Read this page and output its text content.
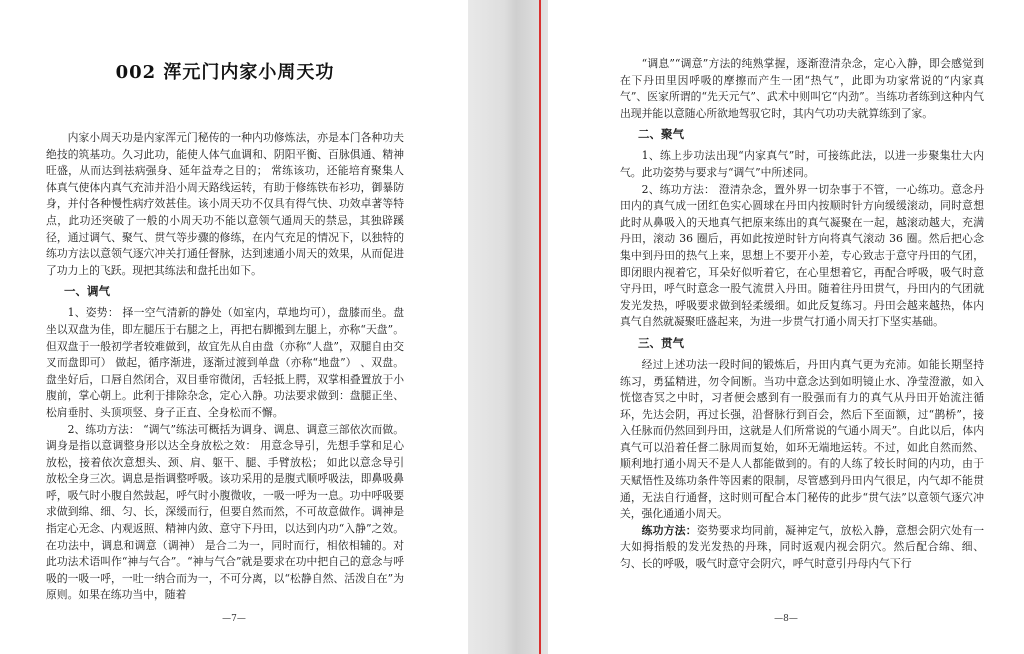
002 浑元门内家小周天功

内家小周天功是内家浑元门秘传的一种内功修炼法，亦是本门各种功夫绝技的筑基功。久习此功，能使人体气血调和、阴阳平衡、百脉俱通、精神旺盛，从而达到祛病强身、延年益寿之目的； 常练该功，还能培育聚集人体真气使体内真气充沛并沿小周天路线运转，有助于修练铁布衫功，御暴防身，并付各种慢性病疗效甚佳。该小周天功不仅具有得气快、功效卓著等特点，此功还突破了一般的小周天功不能以意领气通周天的禁忌，其独辟蹊径，通过调气、聚气、贯气等步骤的修练，在内气充足的情况下，以独特的练功方法以意领气逐穴冲关打通任督脉，达到速通小周天的效果，从而促进了功力上的飞跃。现把其练法和盘托出如下。

一、调气

1、姿势： 择一空气清新的静处（如室内，草地均可），盘膝而坐。盘坐以双盘为佳，即左腿压于右腿之上，再把右脚搬到左腿上，亦称“天盘”。但双盘于一般初学者较难做到，故宜先从自由盘（亦称“人盘”，双腿自由交叉而盘即可） 做起，循序渐进，逐渐过渡到单盘（亦称“地盘”） 、双盘。盘坐好后，口唇自然闭合，双目垂帘微闭，舌轻抵上腭，双掌相叠置放于小腹前，掌心朝上。此利于排除杂念，定心入静。功法要求做到：盘腿正坐、松肩垂肘、头顶项竖、身子正直、全身松而不懈。

2、练功方法： “调气”练法可概括为调身、调息、调意三部依次而做。调身是指以意调整身形以达全身放松之效： 用意念导引，先想手掌和足心放松，接着依次意想头、颈、肩、躯干、腿、手臂放松； 如此以意念导引放松全身三次。调息是指调整呼吸。该功采用的是腹式顺呼吸法，即鼻吸鼻呼，吸气时小腹自然鼓起，呼气时小腹微收，一吸一呼为一息。功中呼吸要求做到绵、细、匀、长，深缓而行，但要自然而然，不可故意做作。调神是指定心无念、内观返照、精神内敛、意守下丹田，以达到内功“入静”之效。在功法中，调息和调意（调神） 是合二为一，同时而行，相依相辅的。对此功法术语叫作“神与气合”。“神与气合”就是要求在功中把自己的意念与呼吸的一吸一呼，一吐一纳合而为一，不可分离，以“松静自然、活泼自在”为原则。如果在练功当中，随着

—7—

“调息”“调意”方法的纯熟掌握，逐渐澄清杂念，定心入静，即会感觉到在下丹田里因呼吸的摩擦而产生一团“热气”，此即为功家常说的“内家真气”、医家所谓的“先天元气”、武术中则叫它“内劲”。当练功者练到这种内气出现并能以意随心所欲地驾驭它时，其内气功功夫就算练到了家。

二、聚气

1、练上步功法出现“内家真气”时，可接练此法，以进一步聚集壮大内气。此功姿势与要求与“调气”中所述同。

2、练功方法： 澄清杂念，置外界一切杂事于不管，一心练功。意念丹田内的真气成一团红色实心圆球在丹田内按顺时针方向缓缓滚动，同时意想此时从鼻吸入的天地真气把原来练出的真气凝聚在一起，越滚动越大，充满丹田，滚动 36 圈后，再如此按逆时针方向将真气滚动 36 圈。然后把心念集中到丹田的热气上来，思想上不要开小差，专心致志于意守丹田的气团，即闭眼内视着它，耳朵好似听着它，在心里想着它，再配合呼吸，吸气时意守丹田，呼气时意念一股气流贯入丹田。随着往丹田贯气，丹田内的气团就发光发热，呼吸要求做到轻柔缓细。如此反复练习。丹田会越来越热，体内真气自然就凝聚旺盛起来，为进一步贯气打通小周天打下坚实基础。

三、贯气

经过上述功法一段时间的锻炼后，丹田内真气更为充沛。如能长期坚持练习，勇猛精进，勿令间断。当功中意念达到如明镜止水、净莹澄澈，如入恍惚杳冥之中时，习者便会感到有一股强而有力的真气从丹田开始流注循环，先达会阴，再过长强，沿督脉行到百会，然后下至面额，过“鹊桥”，接入任脉而仍然回到丹田，这就是人们所常说的气通小周天”。自此以后，体内真气可以沿着任督二脉周而复始，如环无端地运转。不过，如此自然而然、顺利地打通小周天不是人人都能做到的。有的人练了较长时间的内功，由于天赋悟性及练功条件等因素的限制，尽管感到丹田内气很足，内气却不能贯通，无法自行通督，这时则可配合本门秘传的此步“贯气法”以意领气逐穴冲关，强化通通小周天。

练功方法：姿势要求均同前，凝神定气，放松入静，意想会阴穴处有一大如拇指般的发光发热的丹珠，同时返观内视会阴穴。然后配合绵、细、匀、长的呼吸，吸气时意守会阴穴，呼气时意引丹母内气下行

—8—
